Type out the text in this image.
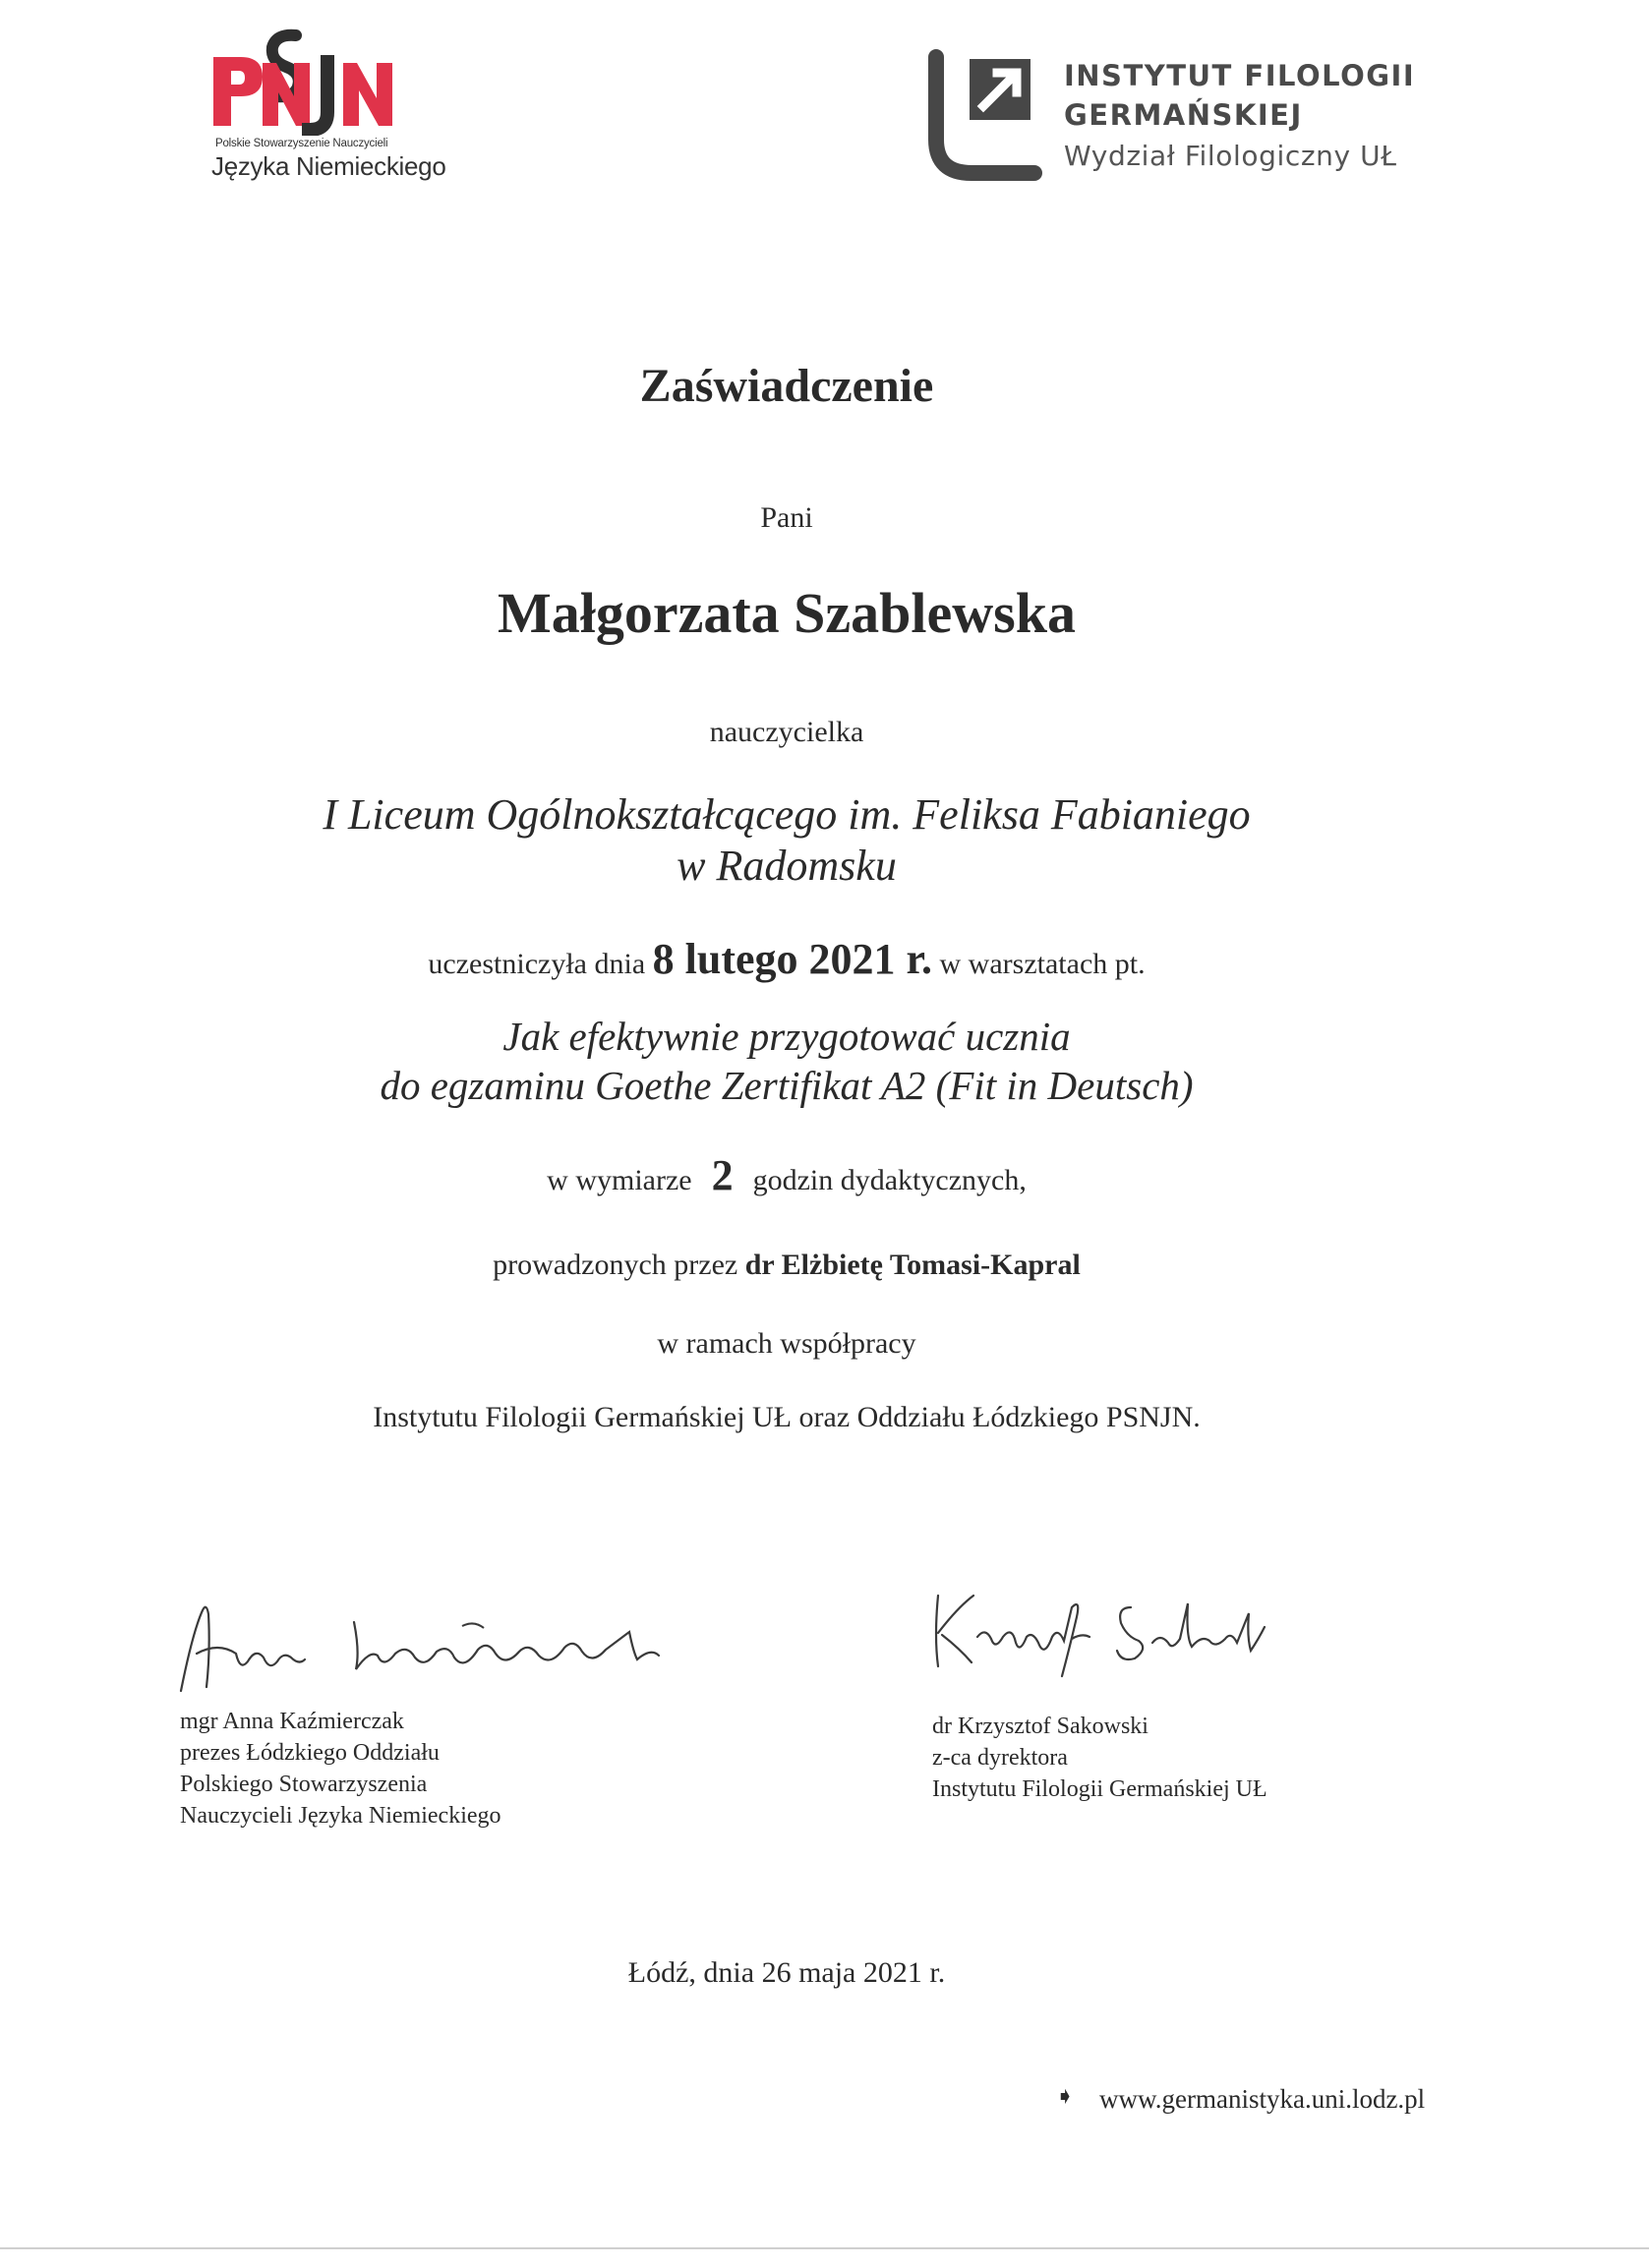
Polskie Stowarzyszenie Nauczycieli
Języka Niemieckiego
INSTYTUT FILOLOGII
GERMAŃSKIEJ
Wydział Filologiczny UŁ
Zaświadczenie
Pani
Małgorzata Szablewska
nauczycielka
I Liceum Ogólnokształcącego im. Feliksa Fabianiego
w Radomsku
uczestniczyła dnia 8 lutego 2021 r. w warsztatach pt.
Jak efektywnie przygotować ucznia
do egzaminu Goethe Zertifikat A2 (Fit in Deutsch)
w wymiarze 2 godzin dydaktycznych,
prowadzonych przez dr Elżbietę Tomasi-Kapral
w ramach współpracy
Instytutu Filologii Germańskiej UŁ oraz Oddziału Łódzkiego PSNJN.
mgr Anna Kaźmierczak
prezes Łódzkiego Oddziału
Polskiego Stowarzyszenia
Nauczycieli Języka Niemieckiego
dr Krzysztof Sakowski
z-ca dyrektora
Instytutu Filologii Germańskiej UŁ
Łódź, dnia 26 maja 2021 r.
➧ www.germanistyka.uni.lodz.pl
